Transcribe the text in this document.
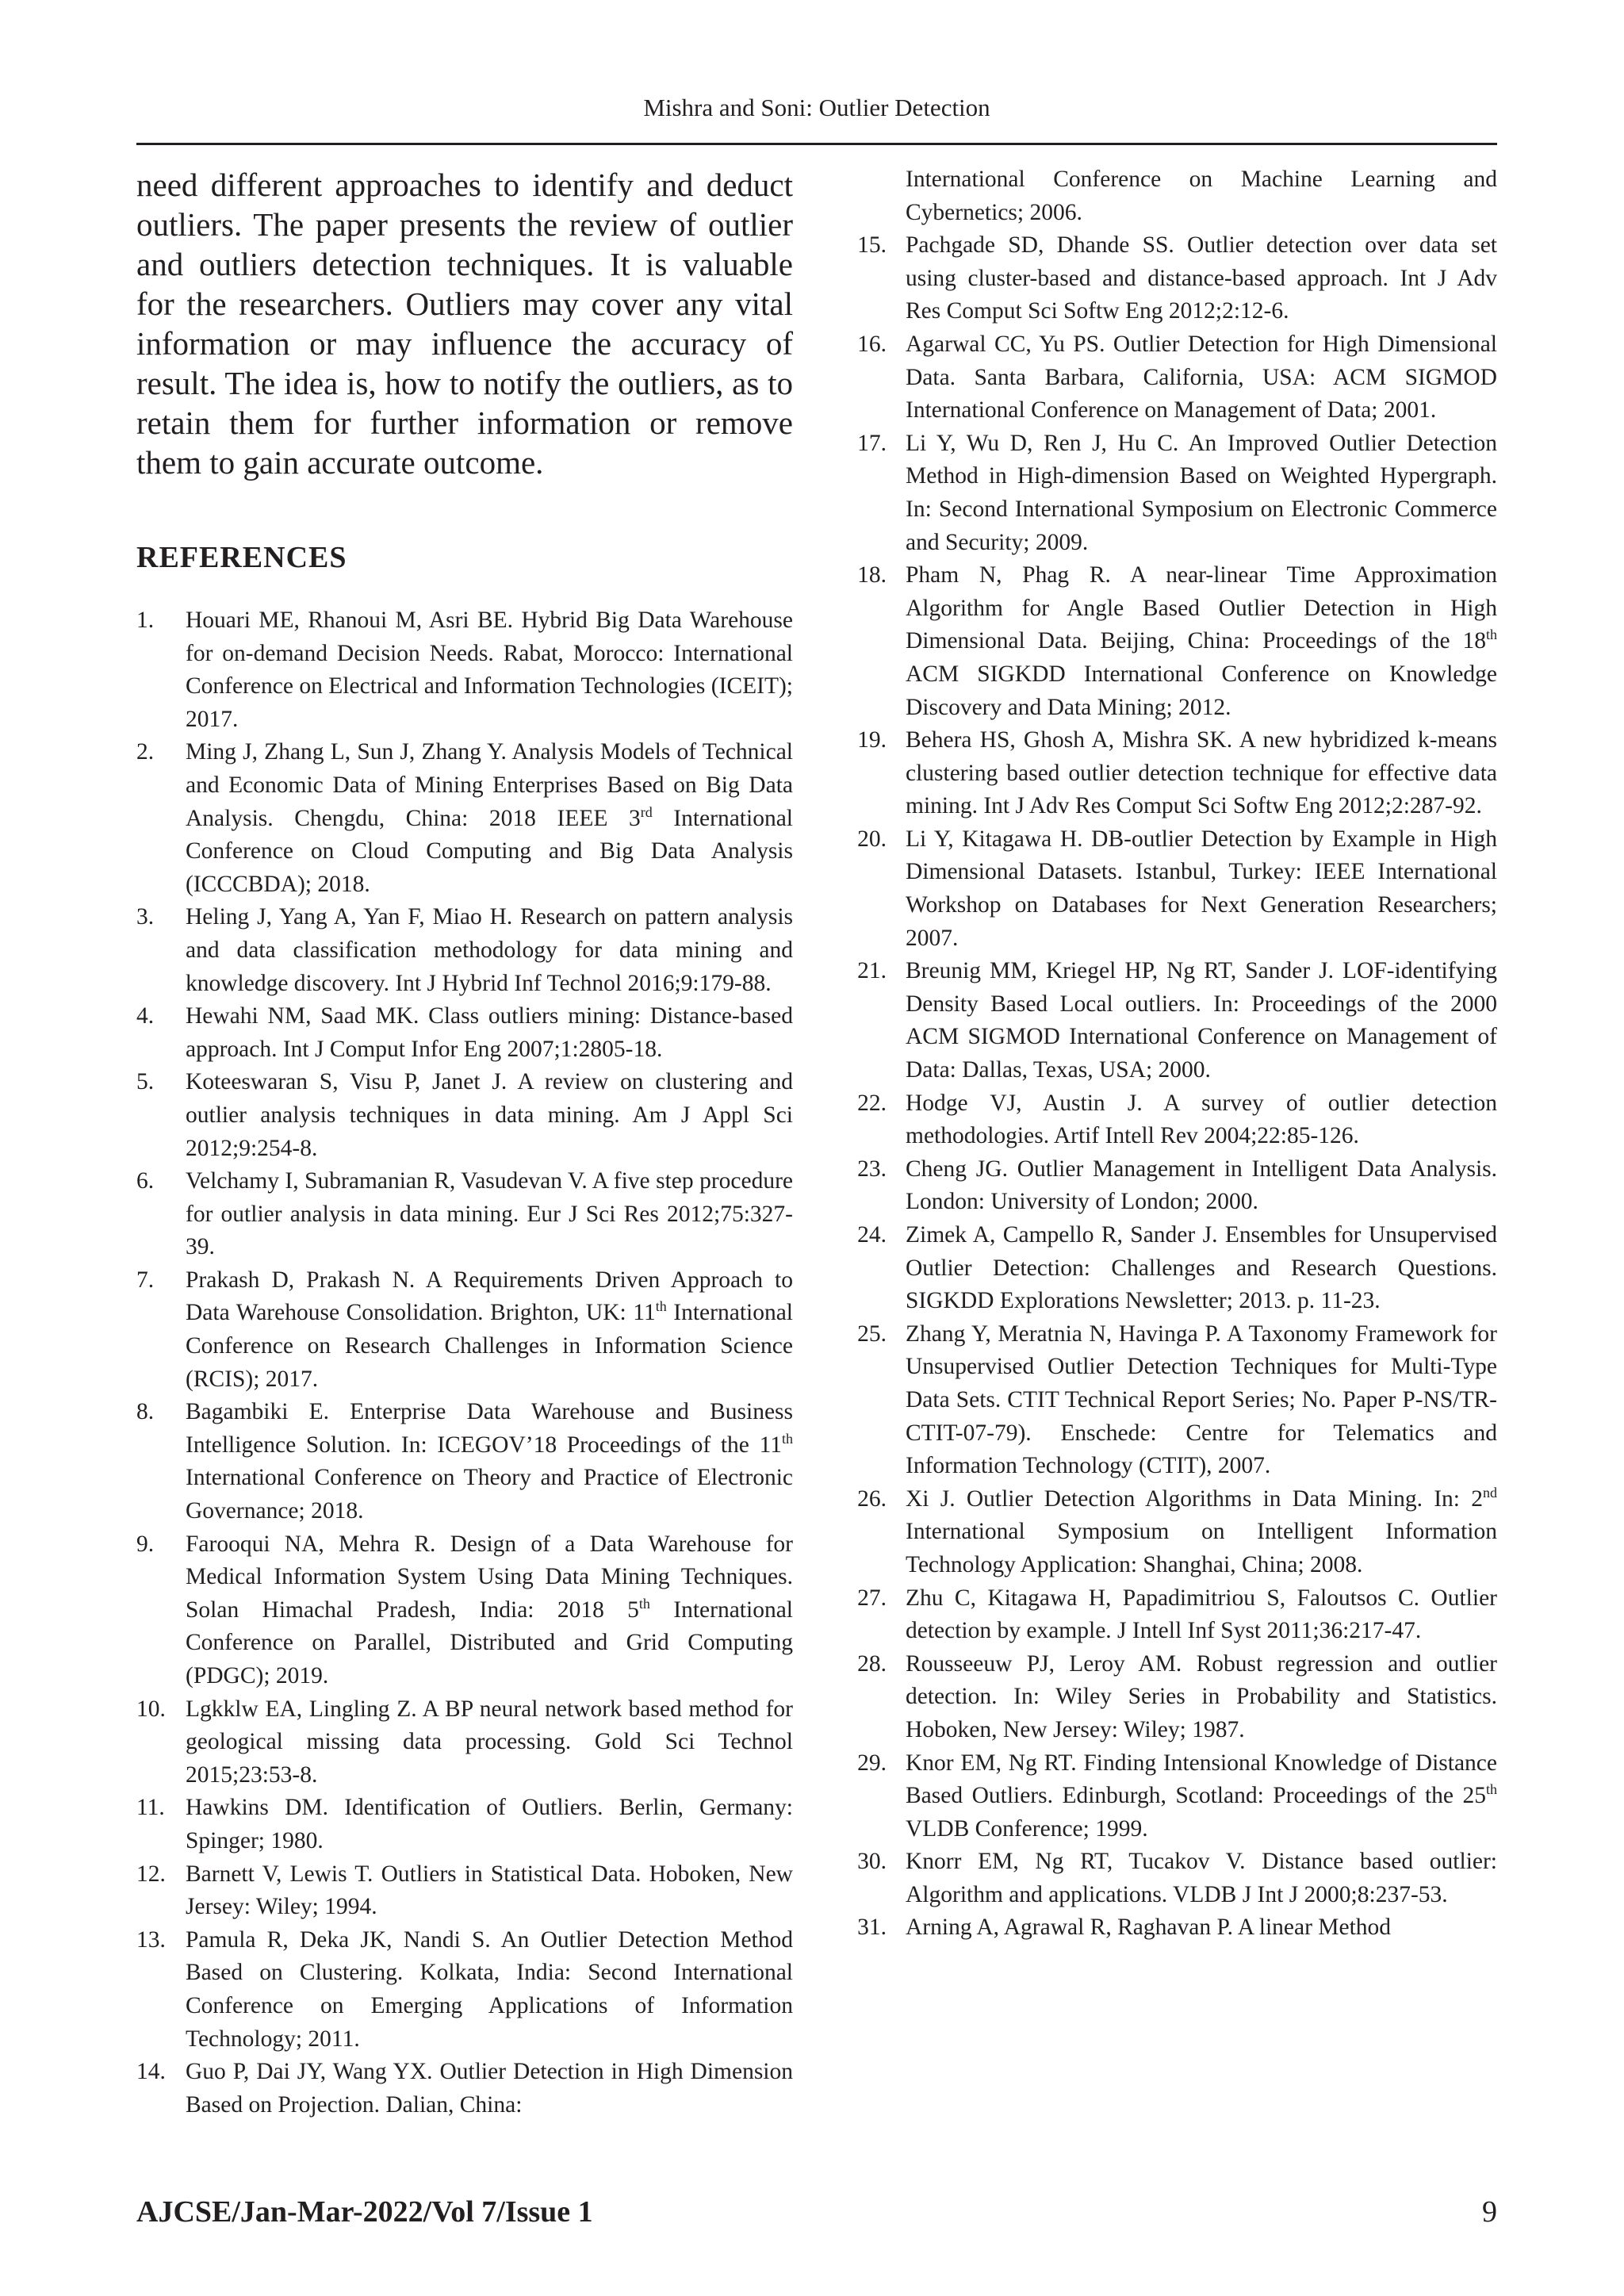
Mishra and Soni: Outlier Detection

need different approaches to identify and deduct outliers. The paper presents the review of outlier and outliers detection techniques. It is valuable for the researchers. Outliers may cover any vital information or may influence the accuracy of result. The idea is, how to notify the outliers, as to retain them for further information or remove them to gain accurate outcome.

REFERENCES
1.	Houari ME, Rhanoui M, Asri BE. Hybrid Big Data Warehouse for on-demand Decision Needs. Rabat, Morocco: International Conference on Electrical and Information Technologies (ICEIT); 2017.
2.	Ming J, Zhang L, Sun J, Zhang Y. Analysis Models of Technical and Economic Data of Mining Enterprises Based on Big Data Analysis. Chengdu, China: 2018 IEEE 3rd International Conference on Cloud Computing and Big Data Analysis (ICCCBDA); 2018.
3.	Heling J, Yang A, Yan F, Miao H. Research on pattern analysis and data classification methodology for data mining and knowledge discovery. Int J Hybrid Inf Technol 2016;9:179-88.
4.	Hewahi NM, Saad MK. Class outliers mining: Distance-based approach. Int J Comput Infor Eng 2007;1:2805-18.
5.	Koteeswaran S, Visu P, Janet J. A review on clustering and outlier analysis techniques in data mining. Am J Appl Sci 2012;9:254-8.
6.	Velchamy I, Subramanian R, Vasudevan V. A five step procedure for outlier analysis in data mining. Eur J Sci Res 2012;75:327-39.
7.	Prakash D, Prakash N. A Requirements Driven Approach to Data Warehouse Consolidation. Brighton, UK: 11th International Conference on Research Challenges in Information Science (RCIS); 2017.
8.	Bagambiki E. Enterprise Data Warehouse and Business Intelligence Solution. In: ICEGOV’18 Proceedings of the 11th International Conference on Theory and Practice of Electronic Governance; 2018.
9.	Farooqui NA, Mehra R. Design of a Data Warehouse for Medical Information System Using Data Mining Techniques. Solan Himachal Pradesh, India: 2018 5th International Conference on Parallel, Distributed and Grid Computing (PDGC); 2019.
10. Lgkklw EA, Lingling Z. A BP neural network based method for geological missing data processing. Gold Sci Technol 2015;23:53-8.
11. Hawkins DM. Identification of Outliers. Berlin, Germany: Spinger; 1980.
12. Barnett V, Lewis T. Outliers in Statistical Data. Hoboken, New Jersey: Wiley; 1994.
13. Pamula R, Deka JK, Nandi S. An Outlier Detection Method Based on Clustering. Kolkata, India: Second International Conference on Emerging Applications of Information Technology; 2011.
14. Guo P, Dai JY, Wang YX. Outlier Detection in High Dimension Based on Projection. Dalian, China:
International Conference on Machine Learning and Cybernetics; 2006.
15. Pachgade SD, Dhande SS. Outlier detection over data set using cluster-based and distance-based approach. Int J Adv Res Comput Sci Softw Eng 2012;2:12-6.
16. Agarwal CC, Yu PS. Outlier Detection for High Dimensional Data. Santa Barbara, California, USA: ACM SIGMOD International Conference on Management of Data; 2001.
17. Li Y, Wu D, Ren J, Hu C. An Improved Outlier Detection Method in High-dimension Based on Weighted Hypergraph. In: Second International Symposium on Electronic Commerce and Security; 2009.
18. Pham N, Phag R. A near-linear Time Approximation Algorithm for Angle Based Outlier Detection in High Dimensional Data. Beijing, China: Proceedings of the 18th ACM SIGKDD International Conference on Knowledge Discovery and Data Mining; 2012.
19. Behera HS, Ghosh A, Mishra SK. A new hybridized k-means clustering based outlier detection technique for effective data mining. Int J Adv Res Comput Sci Softw Eng 2012;2:287-92.
20. Li Y, Kitagawa H. DB-outlier Detection by Example in High Dimensional Datasets. Istanbul, Turkey: IEEE International Workshop on Databases for Next Generation Researchers; 2007.
21. Breunig MM, Kriegel HP, Ng RT, Sander J. LOF-identifying Density Based Local outliers. In: Proceedings of the 2000 ACM SIGMOD International Conference on Management of Data: Dallas, Texas, USA; 2000.
22. Hodge VJ, Austin J. A survey of outlier detection methodologies. Artif Intell Rev 2004;22:85-126.
23. Cheng JG. Outlier Management in Intelligent Data Analysis. London: University of London; 2000.
24. Zimek A, Campello R, Sander J. Ensembles for Unsupervised Outlier Detection: Challenges and Research Questions. SIGKDD Explorations Newsletter; 2013. p. 11-23.
25. Zhang Y, Meratnia N, Havinga P. A Taxonomy Framework for Unsupervised Outlier Detection Techniques for Multi-Type Data Sets. CTIT Technical Report Series; No. Paper P-NS/TR-CTIT-07-79). Enschede: Centre for Telematics and Information Technology (CTIT), 2007.
26. Xi J. Outlier Detection Algorithms in Data Mining. In: 2nd International Symposium on Intelligent Information Technology Application: Shanghai, China; 2008.
27. Zhu C, Kitagawa H, Papadimitriou S, Faloutsos C. Outlier detection by example. J Intell Inf Syst 2011;36:217-47.
28. Rousseeuw PJ, Leroy AM. Robust regression and outlier detection. In: Wiley Series in Probability and Statistics. Hoboken, New Jersey: Wiley; 1987.
29. Knor EM, Ng RT. Finding Intensional Knowledge of Distance Based Outliers. Edinburgh, Scotland: Proceedings of the 25th VLDB Conference; 1999.
30. Knorr EM, Ng RT, Tucakov V. Distance based outlier: Algorithm and applications. VLDB J Int J 2000;8:237-53.
31. Arning A, Agrawal R, Raghavan P. A linear Method
AJCSE/Jan-Mar-2022/Vol 7/Issue 1	9
